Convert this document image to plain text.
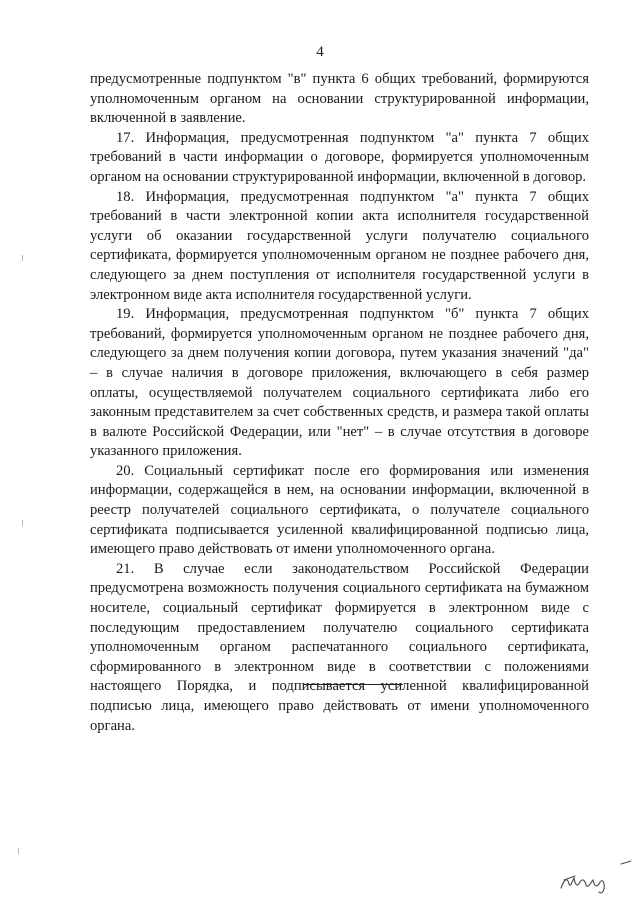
4

предусмотренные подпунктом "в" пункта 6 общих требований, формируются уполномоченным органом на основании структурированной информации, включенной в заявление.

17. Информация, предусмотренная подпунктом "а" пункта 7 общих требований в части информации о договоре, формируется уполномоченным органом на основании структурированной информации, включенной в договор.

18. Информация, предусмотренная подпунктом "а" пункта 7 общих требований в части электронной копии акта исполнителя государственной услуги об оказании государственной услуги получателю социального сертификата, формируется уполномоченным органом не позднее рабочего дня, следующего за днем поступления от исполнителя государственной услуги в электронном виде акта исполнителя государственной услуги.

19. Информация, предусмотренная подпунктом "б" пункта 7 общих требований, формируется уполномоченным органом не позднее рабочего дня, следующего за днем получения копии договора, путем указания значений "да" – в случае наличия в договоре приложения, включающего в себя размер оплаты, осуществляемой получателем социального сертификата либо его законным представителем за счет собственных средств, и размера такой оплаты в валюте Российской Федерации, или "нет" – в случае отсутствия в договоре указанного приложения.

20. Социальный сертификат после его формирования или изменения информации, содержащейся в нем, на основании информации, включенной в реестр получателей социального сертификата, о получателе социального сертификата подписывается усиленной квалифицированной подписью лица, имеющего право действовать от имени уполномоченного органа.

21. В случае если законодательством Российской Федерации предусмотрена возможность получения социального сертификата на бумажном носителе, социальный сертификат формируется в электронном виде с последующим предоставлением получателю социального сертификата уполномоченным органом распечатанного социального сертификата, сформированного в электронном виде в соответствии с положениями настоящего Порядка, и подписывается усиленной квалифицированной подписью лица, имеющего право действовать от имени уполномоченного органа.
